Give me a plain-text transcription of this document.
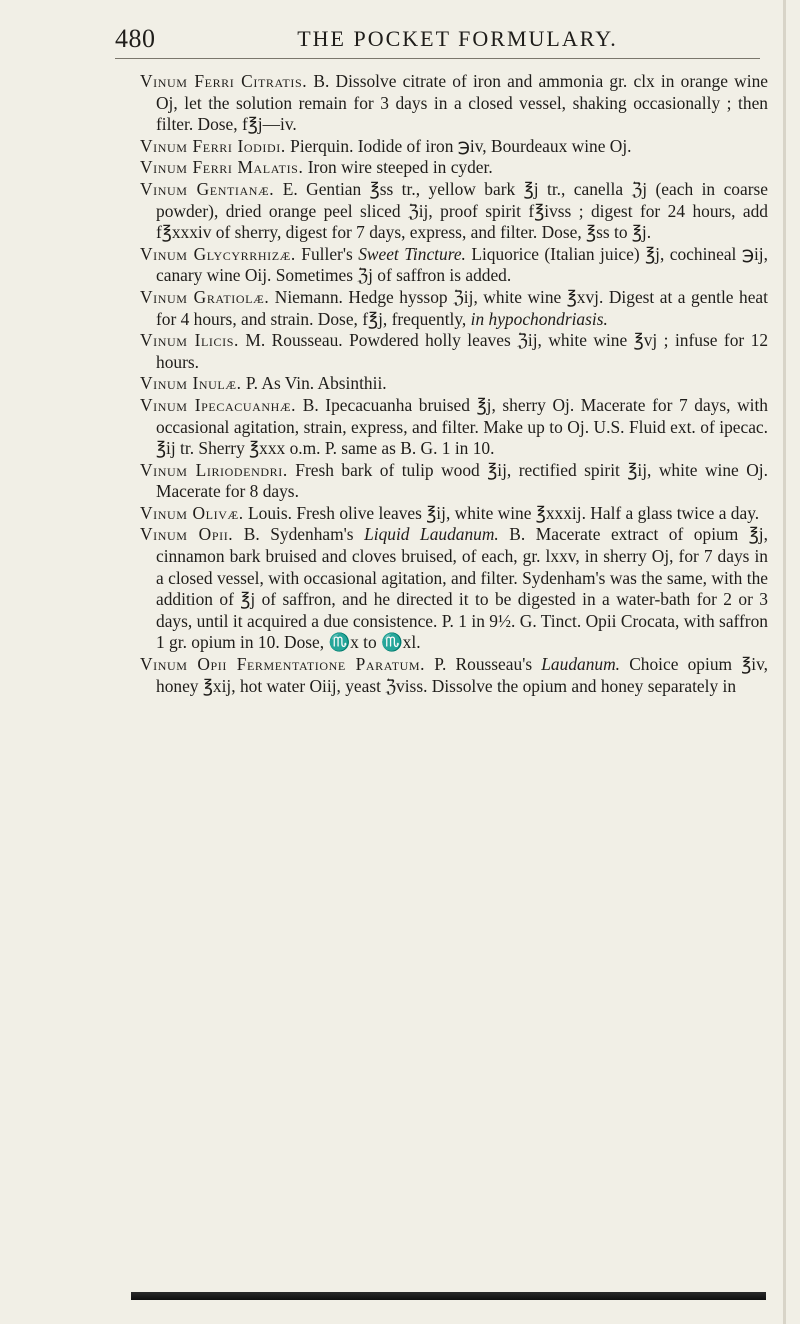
480	THE POCKET FORMULARY.

Vinum Ferri Citratis. B. Dissolve citrate of iron and ammonia gr. clx in orange wine Oj, let the solution remain for 3 days in a closed vessel, shaking occasionally ; then filter. Dose, f℥j—iv.

Vinum Ferri Iodidi. Pierquin. Iodide of iron ℈iv, Bourdeaux wine Oj.

Vinum Ferri Malatis. Iron wire steeped in cyder.

Vinum Gentianæ. E. Gentian ℥ss tr., yellow bark ℥j tr., canella ℨj (each in coarse powder), dried orange peel sliced ℨij, proof spirit f℥ivss ; digest for 24 hours, add f℥xxxiv of sherry, digest for 7 days, express, and filter. Dose, ℥ss to ℥j.

Vinum Glycyrrhizæ. Fuller's Sweet Tincture. Liquorice (Italian juice) ℥j, cochineal ℈ij, canary wine Oij. Sometimes ℨj of saffron is added.

Vinum Gratiolæ. Niemann. Hedge hyssop ℨij, white wine ℥xvj. Digest at a gentle heat for 4 hours, and strain. Dose, f℥j, frequently, in hypochondriasis.

Vinum Ilicis. M. Rousseau. Powdered holly leaves ℨij, white wine ℥vj ; infuse for 12 hours.

Vinum Inulæ. P. As Vin. Absinthii.

Vinum Ipecacuanhæ. B. Ipecacuanha bruised ℥j, sherry Oj. Macerate for 7 days, with occasional agitation, strain, express, and filter. Make up to Oj. U.S. Fluid ext. of ipecac. ℥ij tr. Sherry ℥xxx o.m. P. same as B. G. 1 in 10.

Vinum Liriodendri. Fresh bark of tulip wood ℥ij, rectified spirit ℥ij, white wine Oj. Macerate for 8 days.

Vinum Olivæ. Louis. Fresh olive leaves ℥ij, white wine ℥xxxij. Half a glass twice a day.

Vinum Opii. B. Sydenham's Liquid Laudanum. B. Macerate extract of opium ℥j, cinnamon bark bruised and cloves bruised, of each, gr. lxxv, in sherry Oj, for 7 days in a closed vessel, with occasional agitation, and filter. Sydenham's was the same, with the addition of ℥j of saffron, and he directed it to be digested in a water-bath for 2 or 3 days, until it acquired a due consistence. P. 1 in 9½. G. Tinct. Opii Crocata, with saffron 1 gr. opium in 10. Dose, ♏x to ♏xl.

Vinum Opii Fermentatione Paratum. P. Rousseau's Laudanum. Choice opium ℥iv, honey ℥xij, hot water Oiij, yeast ℨviss. Dissolve the opium and honey separately in
